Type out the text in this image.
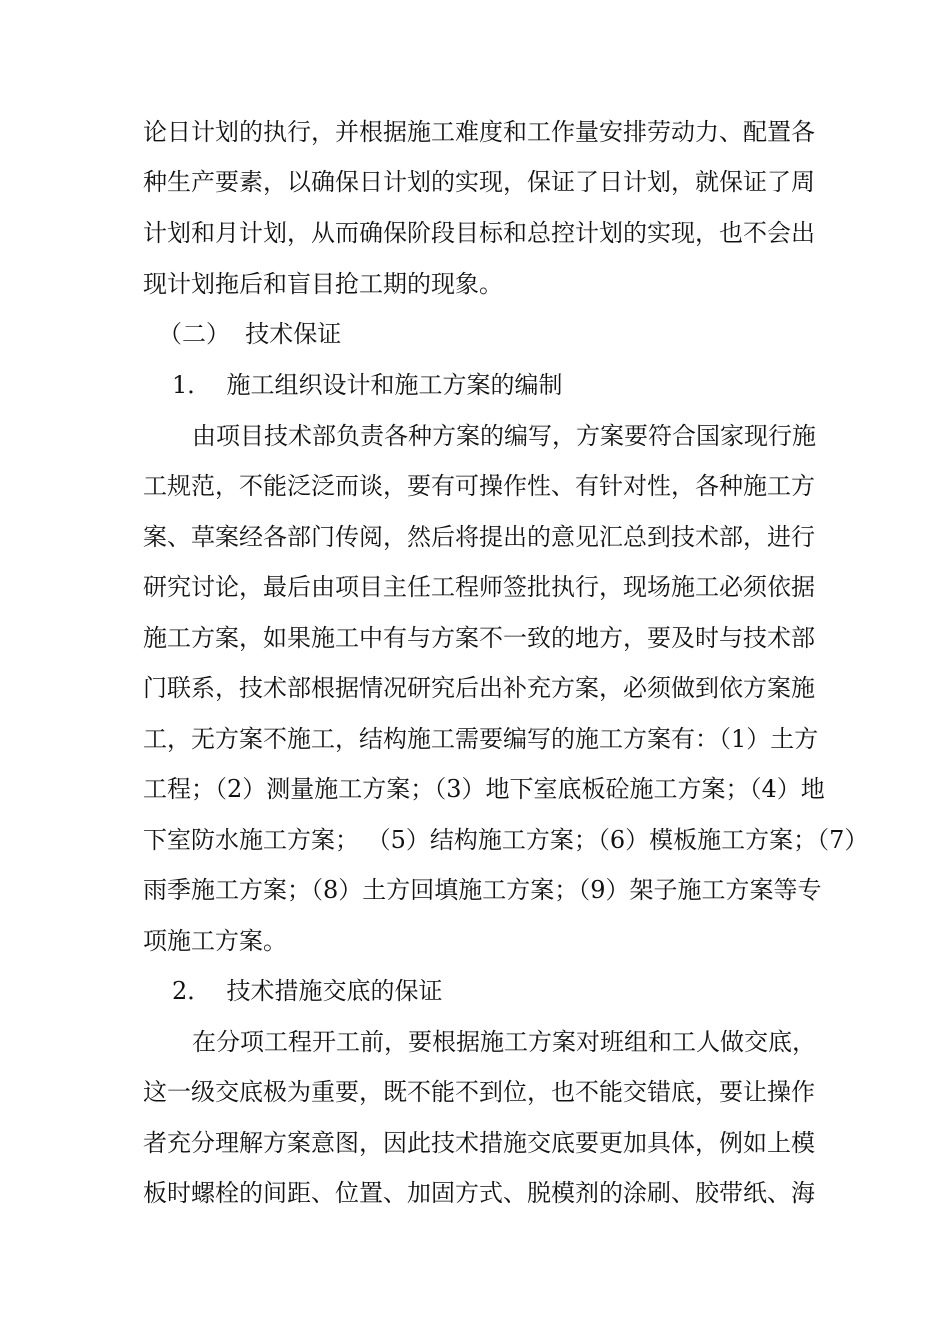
论日计划的执行，并根据施工难度和工作量安排劳动力、配置各
种生产要素，以确保日计划的实现，保证了日计划，就保证了周
计划和月计划，从而确保阶段目标和总控计划的实现，也不会出
现计划拖后和盲目抢工期的现象。
（二）  技术保证
1．  施工组织设计和施工方案的编制
由项目技术部负责各种方案的编写，方案要符合国家现行施
工规范，不能泛泛而谈，要有可操作性、有针对性，各种施工方
案、草案经各部门传阅，然后将提出的意见汇总到技术部，进行
研究讨论，最后由项目主任工程师签批执行，现场施工必须依据
施工方案，如果施工中有与方案不一致的地方，要及时与技术部
门联系，技术部根据情况研究后出补充方案，必须做到依方案施
工，无方案不施工，结构施工需要编写的施工方案有：（1）土方
工程；（2）测量施工方案；（3）地下室底板砼施工方案；（4）地
下室防水施工方案； （5）结构施工方案；（6）模板施工方案；（7）
雨季施工方案；（8）土方回填施工方案；（9）架子施工方案等专
项施工方案。
2．  技术措施交底的保证
在分项工程开工前，要根据施工方案对班组和工人做交底，
这一级交底极为重要，既不能不到位，也不能交错底，要让操作
者充分理解方案意图，因此技术措施交底要更加具体，例如上模
板时螺栓的间距、位置、加固方式、脱模剂的涂刷、胶带纸、海
